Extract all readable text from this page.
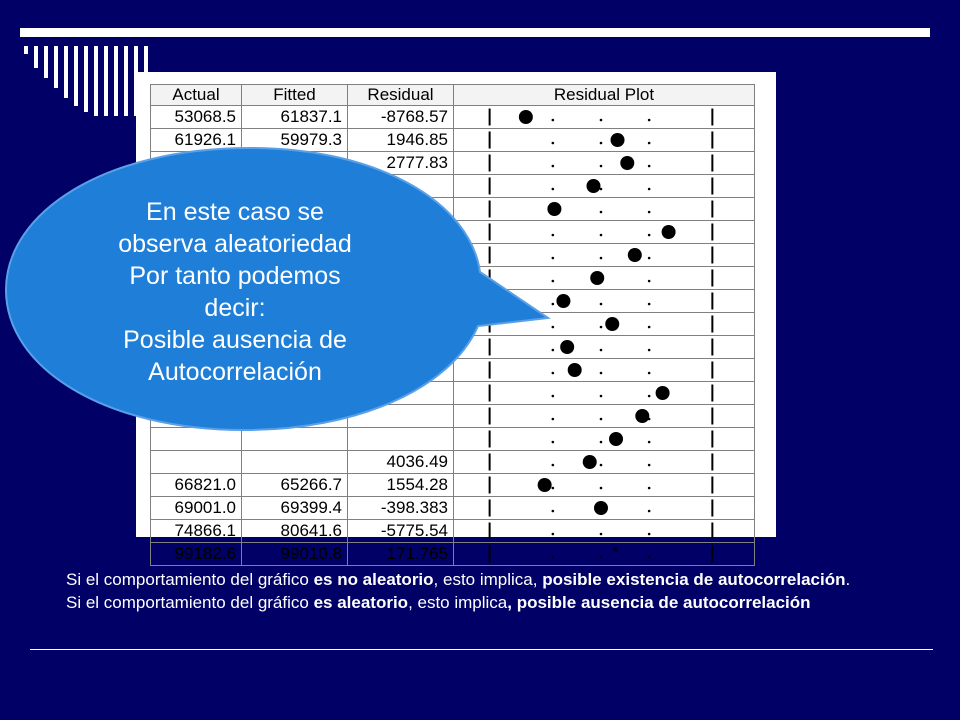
Actual	Fitted	Residual	Residual Plot
53068.5	61837.1	-8768.57	
61926.1	59979.3	1946.85	
		2777.83	

		4036.49	
66821.0	65266.7	1554.28	
69001.0	69399.4	-398.383	
74866.1	80641.6	-5775.54	
99182.6	99010.8	171.765		*
En este caso se
observa aleatoriedad
Por tanto podemos
decir:
Posible ausencia de
Autocorrelación

Si el comportamiento del gráfico es no aleatorio, esto implica, posible existencia de autocorrelación.

Si el comportamiento del gráfico es aleatorio, esto implica, posible ausencia de autocorrelación
